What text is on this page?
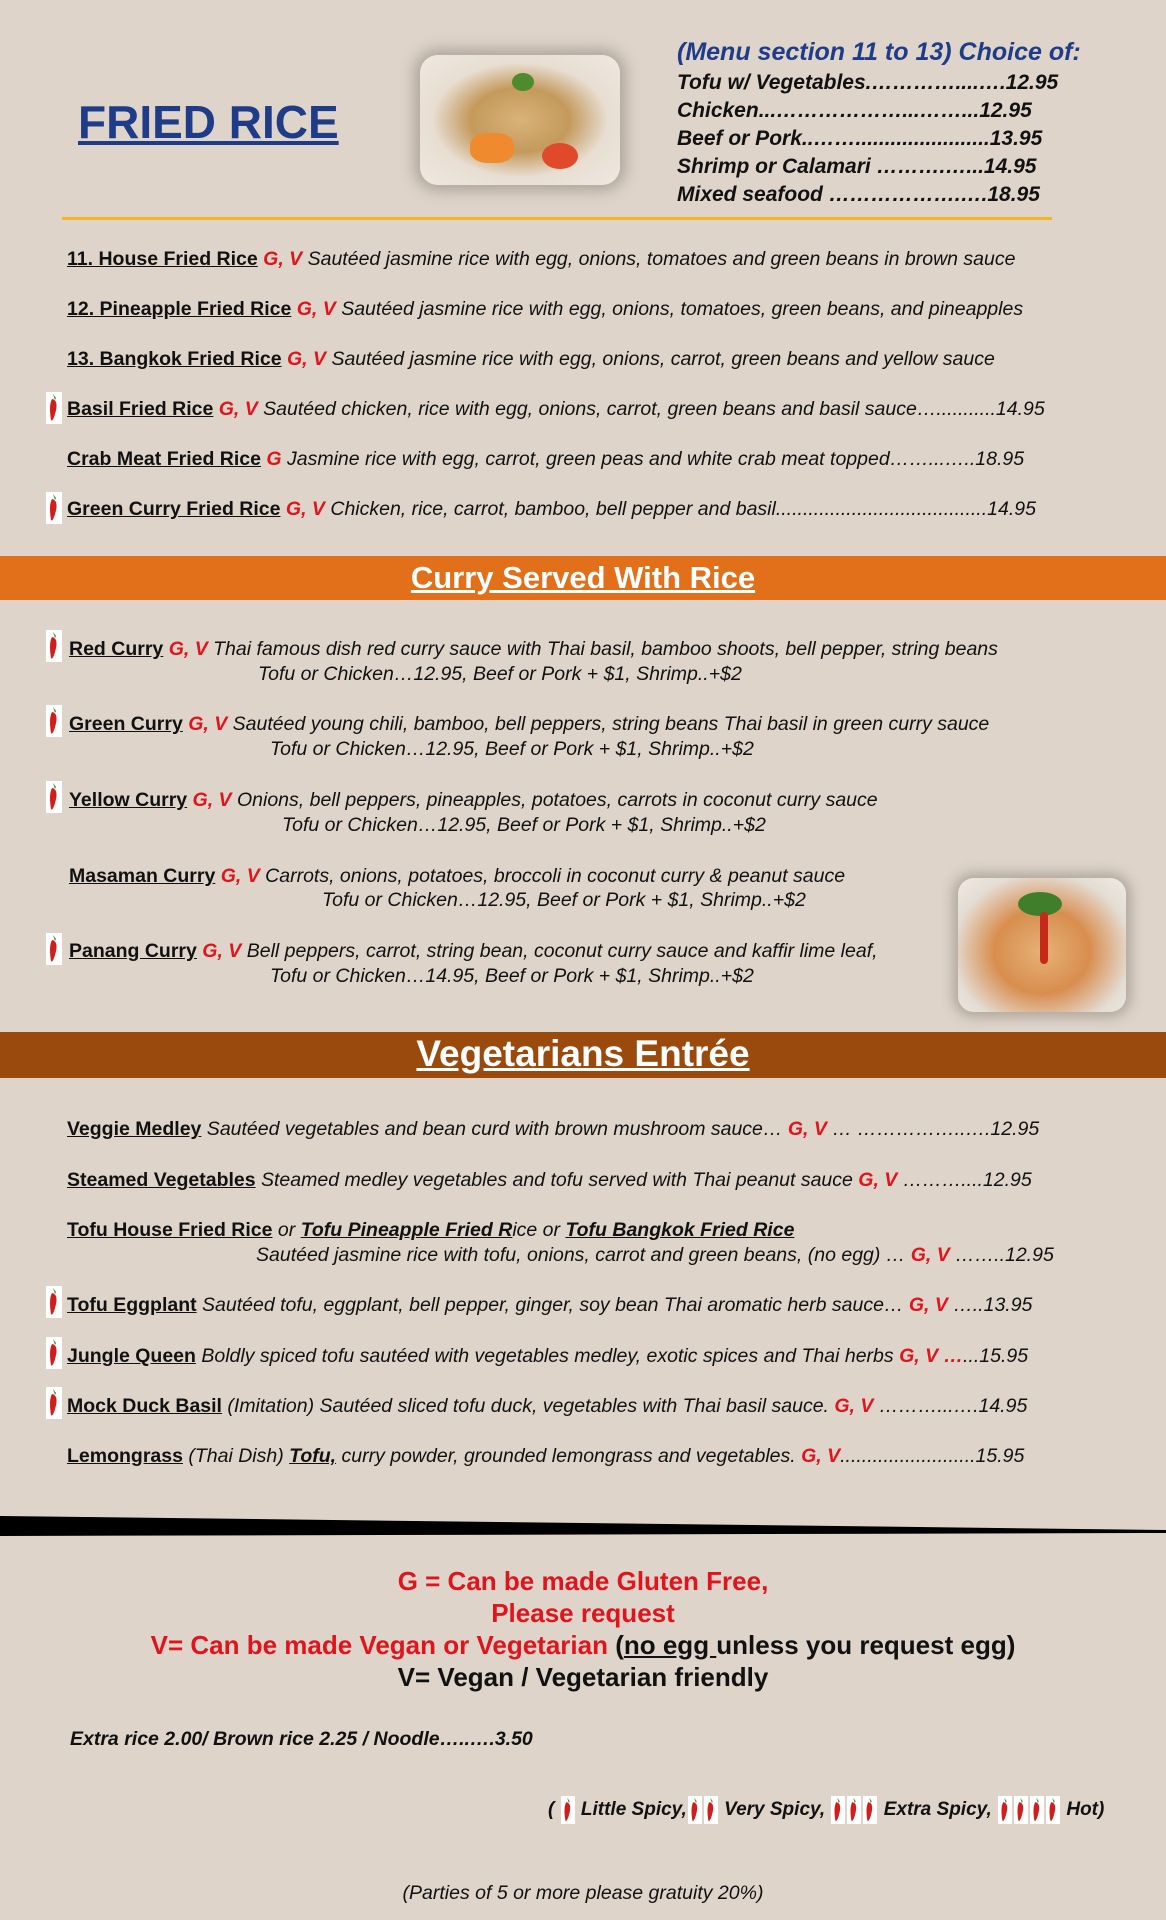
FRIED RICE
(Menu section 11 to 13) Choice of:
Tofu w/ Vegetables.…………....….12.95
Chicken...………………...……...12.95
Beef or Pork..…….......................13.95
Shrimp or Calamari ……….…...14.95
Mixed seafood ……………….….18.95
11. House Fried Rice G, V Sautéed jasmine rice with egg, onions, tomatoes and green beans in brown sauce
12. Pineapple Fried Rice G, V Sautéed jasmine rice with egg, onions, tomatoes, green beans, and pineapples
13. Bangkok Fried Rice G, V Sautéed jasmine rice with egg, onions, carrot, green beans and yellow sauce
Basil Fried Rice G, V Sautéed chicken, rice with egg, onions, carrot, green beans and basil sauce…...........14.95
Crab Meat Fried Rice G Jasmine rice with egg, carrot, green peas and white crab meat topped……...…..18.95
Green Curry Fried Rice G, V Chicken, rice, carrot, bamboo, bell pepper and basil.......................................14.95
Curry Served With Rice
Red Curry G, V Thai famous dish red curry sauce with Thai basil, bamboo shoots, bell pepper, string beans
Tofu or Chicken…12.95, Beef or Pork + $1, Shrimp..+$2
Green Curry G, V Sautéed young chili, bamboo, bell peppers, string beans Thai basil in green curry sauce
Tofu or Chicken…12.95, Beef or Pork + $1, Shrimp..+$2
Yellow Curry G, V Onions, bell peppers, pineapples, potatoes, carrots in coconut curry sauce
Tofu or Chicken…12.95, Beef or Pork + $1, Shrimp..+$2
Masaman Curry G, V Carrots, onions, potatoes, broccoli in coconut curry & peanut sauce
Tofu or Chicken…12.95, Beef or Pork + $1, Shrimp..+$2
Panang Curry G, V Bell peppers, carrot, string bean, coconut curry sauce and kaffir lime leaf,
Tofu or Chicken…14.95, Beef or Pork + $1, Shrimp..+$2
Vegetarians Entrée
Veggie Medley Sautéed vegetables and bean curd with brown mushroom sauce… G, V … ……………..….12.95
Steamed Vegetables Steamed medley vegetables and tofu served with Thai peanut sauce G, V ………....12.95
Tofu House Fried Rice or Tofu Pineapple Fried Rice or Tofu Bangkok Fried Rice
Sautéed jasmine rice with tofu, onions, carrot and green beans, (no egg) … G, V ……..12.95
Tofu Eggplant Sautéed tofu, eggplant, bell pepper, ginger, soy bean Thai aromatic herb sauce… G, V …..13.95
Jungle Queen Boldly spiced tofu sautéed with vegetables medley, exotic spices and Thai herbs G, V …...15.95
Mock Duck Basil (Imitation) Sautéed sliced tofu duck, vegetables with Thai basil sauce. G, V ………...….14.95
Lemongrass (Thai Dish) Tofu, curry powder, grounded lemongrass and vegetables. G, V.........................15.95
G = Can be made Gluten Free,
Please request
V= Can be made Vegan or Vegetarian (no egg unless you request egg)
V= Vegan / Vegetarian friendly
Extra rice 2.00/ Brown rice 2.25 / Noodle…..….3.50
(  Little Spicy, Very Spicy,	Extra Spicy,	Hot)
(Parties of 5 or more please gratuity 20%)
